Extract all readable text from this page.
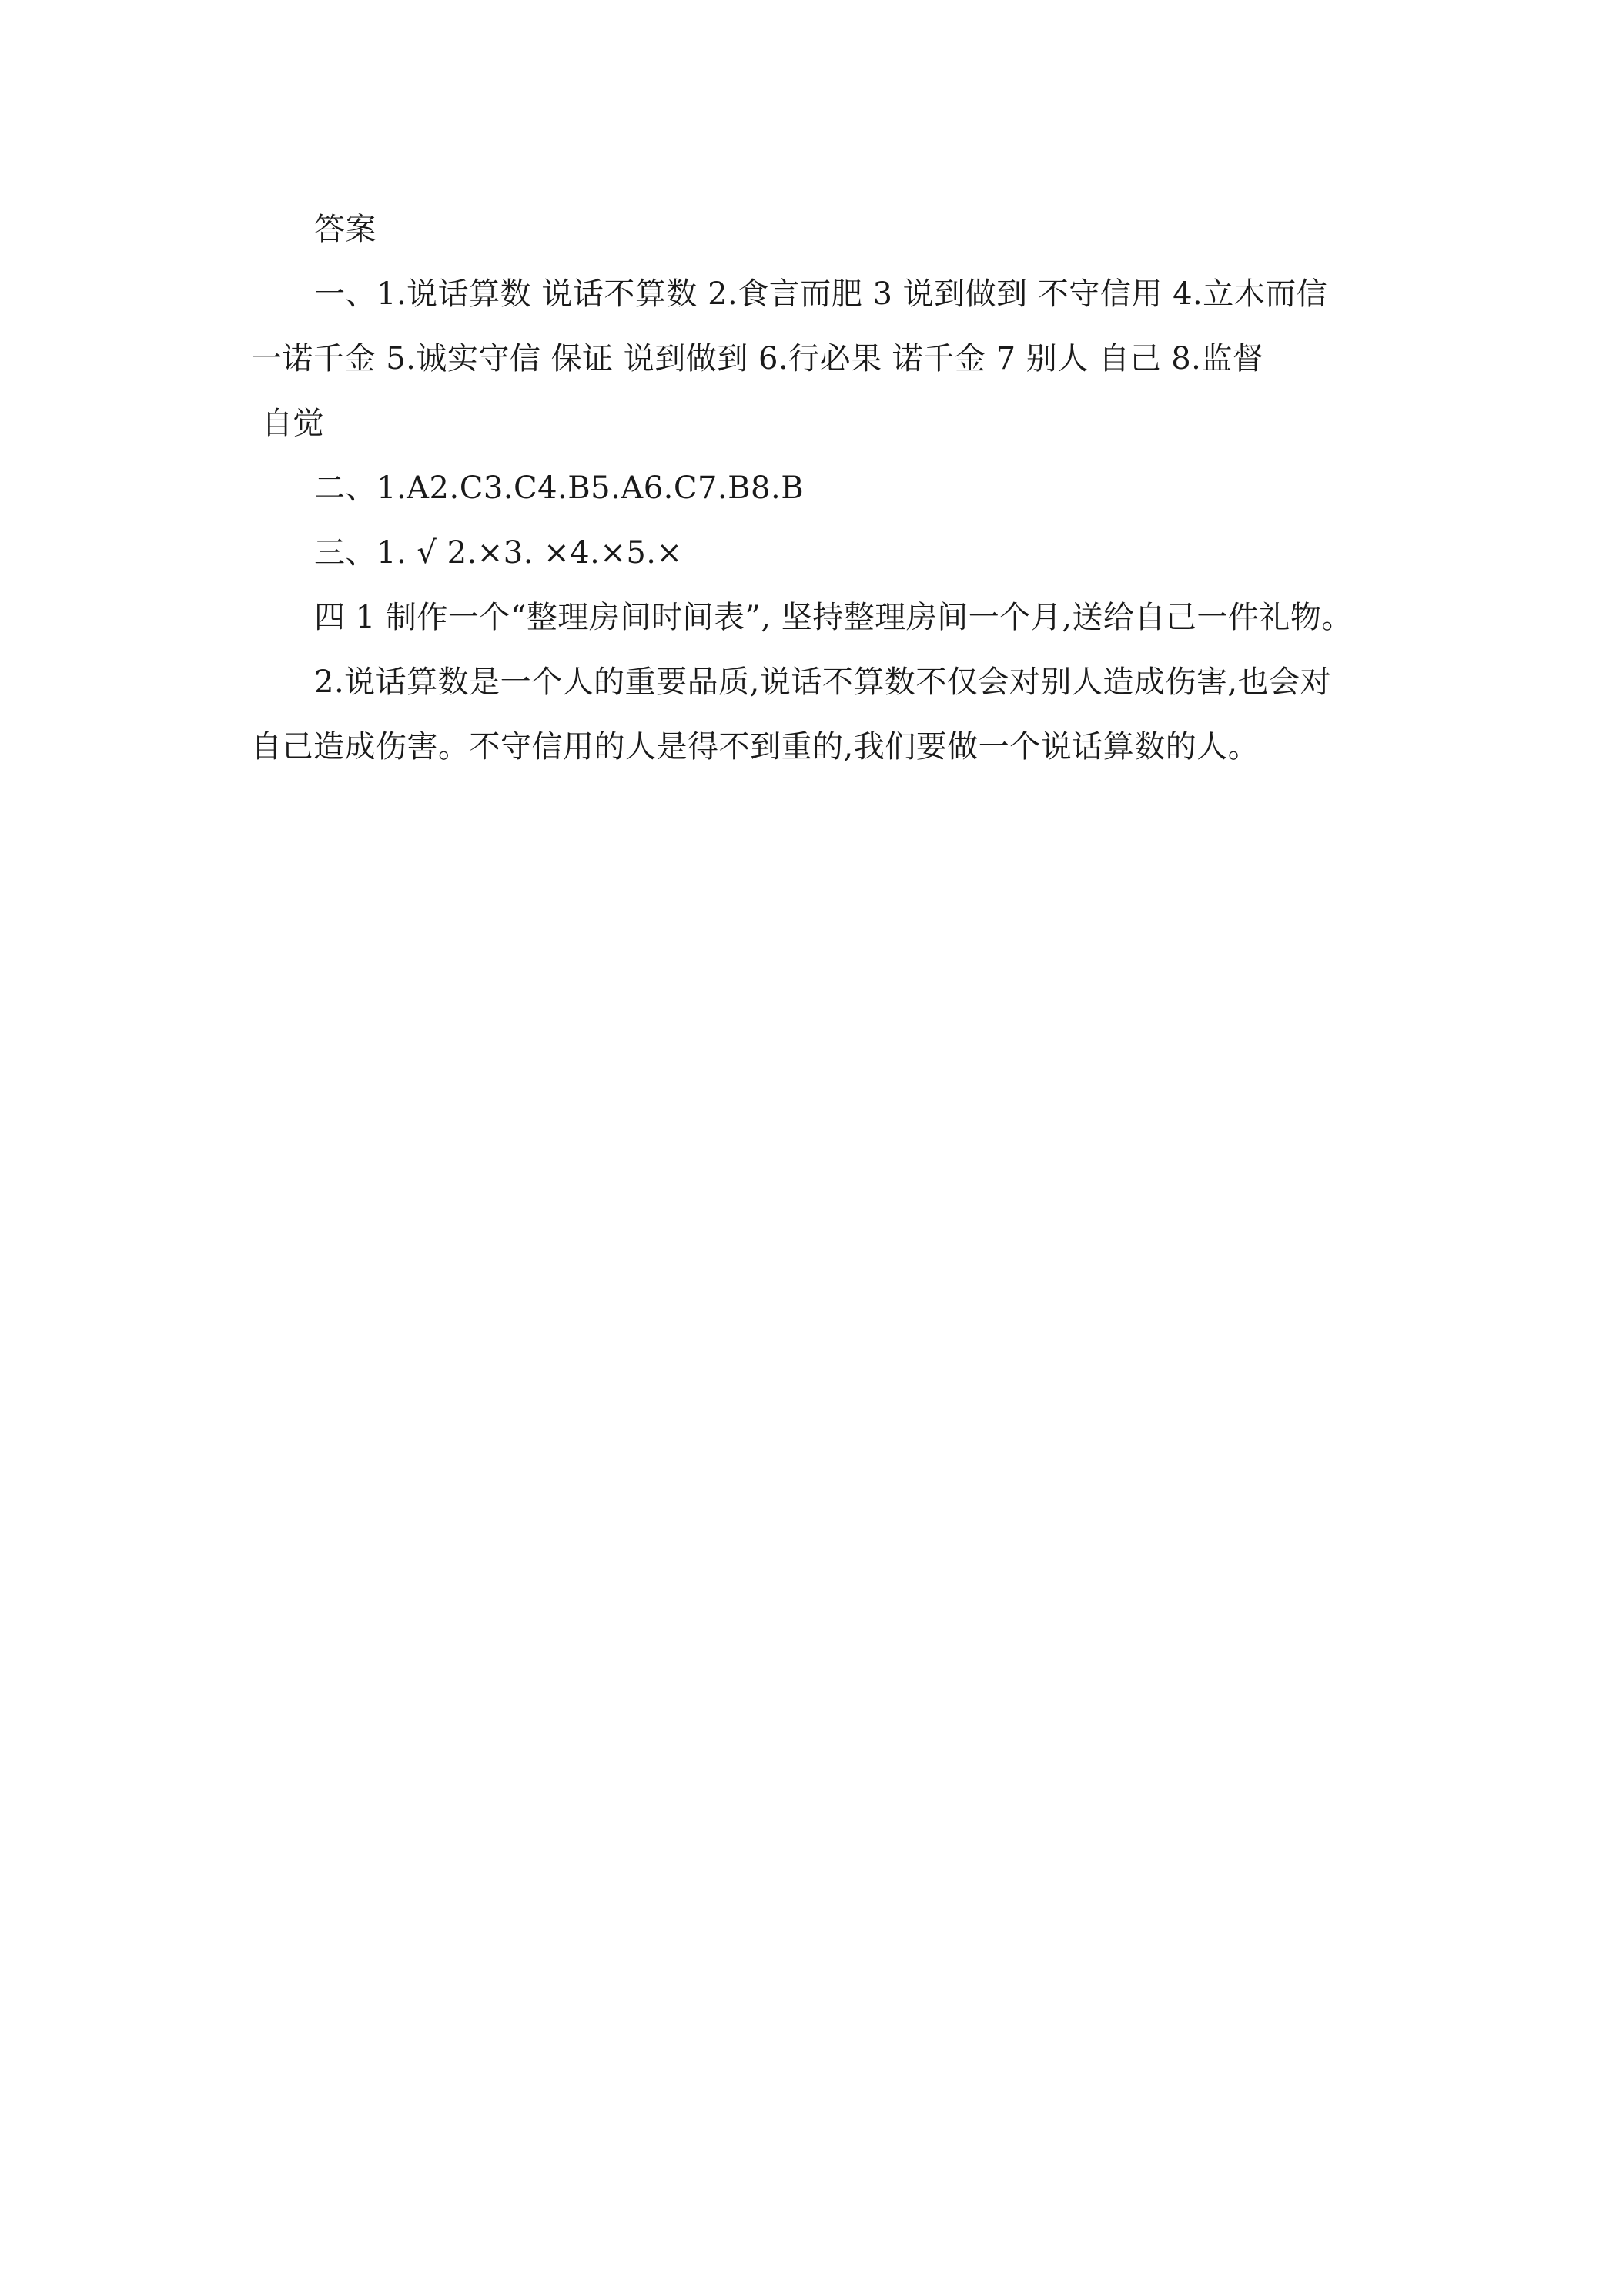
答案
一、1.说话算数 说话不算数 2.食言而肥 3 说到做到 不守信用 4.立木而信
一诺千金 5.诚实守信 保证 说到做到 6.行必果 诺千金 7 别人 自己 8.监督
自觉
二、1.A2.C3.C4.B5.A6.C7.B8.B
三、1. √ 2.×3. ×4.×5.×
四 1 制作一个“整理房间时间表”, 坚持整理房间一个月,送给自己一件礼物。
2.说话算数是一个人的重要品质,说话不算数不仅会对别人造成伤害,也会对
自己造成伤害。不守信用的人是得不到重的,我们要做一个说话算数的人。
